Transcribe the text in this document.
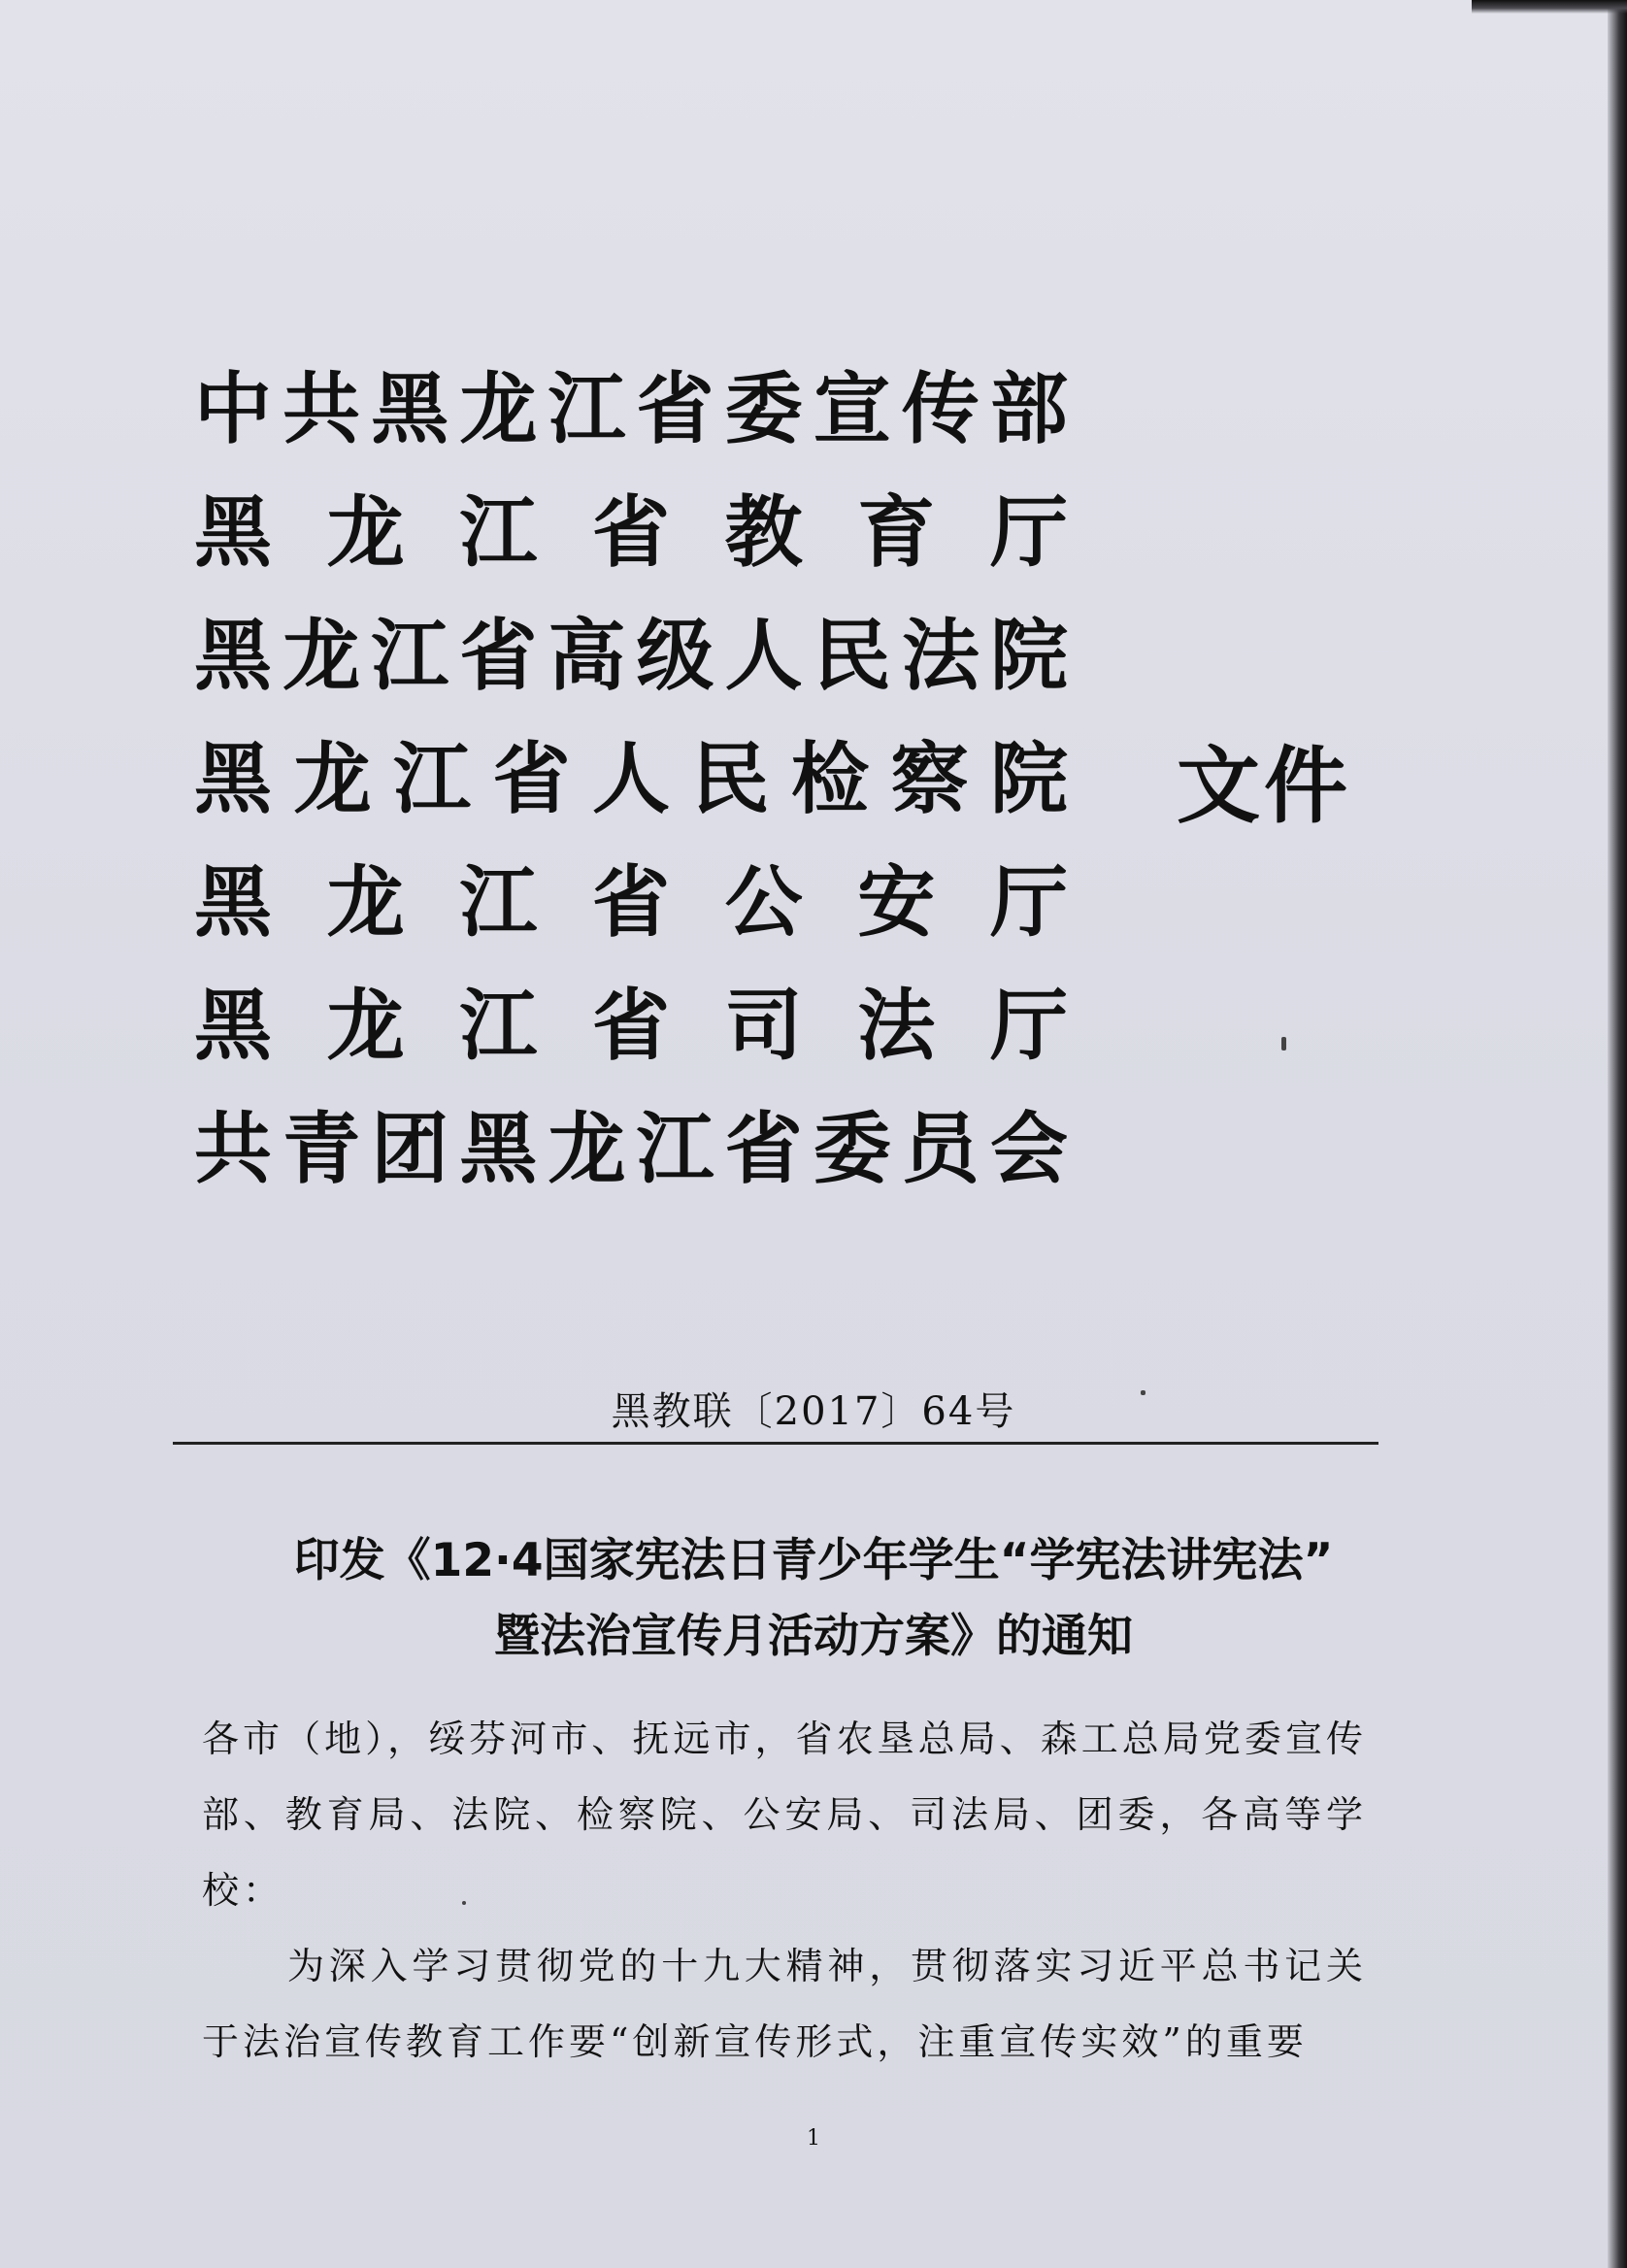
中 共 黑 龙 江 省 委 宣 传 部
黑 龙 江 省 教 育 厅
黑 龙 江 省 高 级 人 民 法 院
黑 龙 江 省 人 民 检 察 院
黑 龙 江 省 公 安 厅
黑 龙 江 省 司 法 厅
共 青 团 黑 龙 江 省 委 员 会
文件
黑教联〔2017〕64号
印发《12·4国家宪法日青少年学生“学宪法讲宪法”
暨法治宣传月活动方案》的通知

各市（地），绥芬河市、抚远市，省农垦总局、森工总局党委宣传部、教育局、法院、检察院、公安局、司法局、团委，各高等学校：

为深入学习贯彻党的十九大精神，贯彻落实习近平总书记关于法治宣传教育工作要“创新宣传形式，注重宣传实效”的重要

1
